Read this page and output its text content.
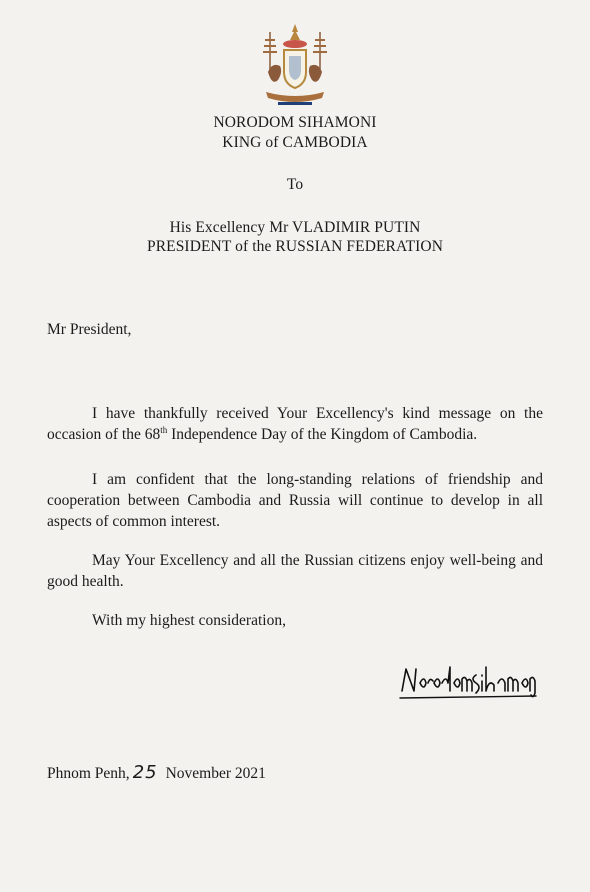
NORODOM SIHAMONI
KING of CAMBODIA
To
His Excellency Mr VLADIMIR PUTIN
PRESIDENT of the RUSSIAN FEDERATION
Mr President,
I have thankfully received Your Excellency's kind message on the occasion of the 68th Independence Day of the Kingdom of Cambodia.
I am confident that the long-standing relations of friendship and cooperation between Cambodia and Russia will continue to develop in all aspects of common interest.
May Your Excellency and all the Russian citizens enjoy well-being and good health.
With my highest consideration,
Phnom Penh, 25 November 2021
